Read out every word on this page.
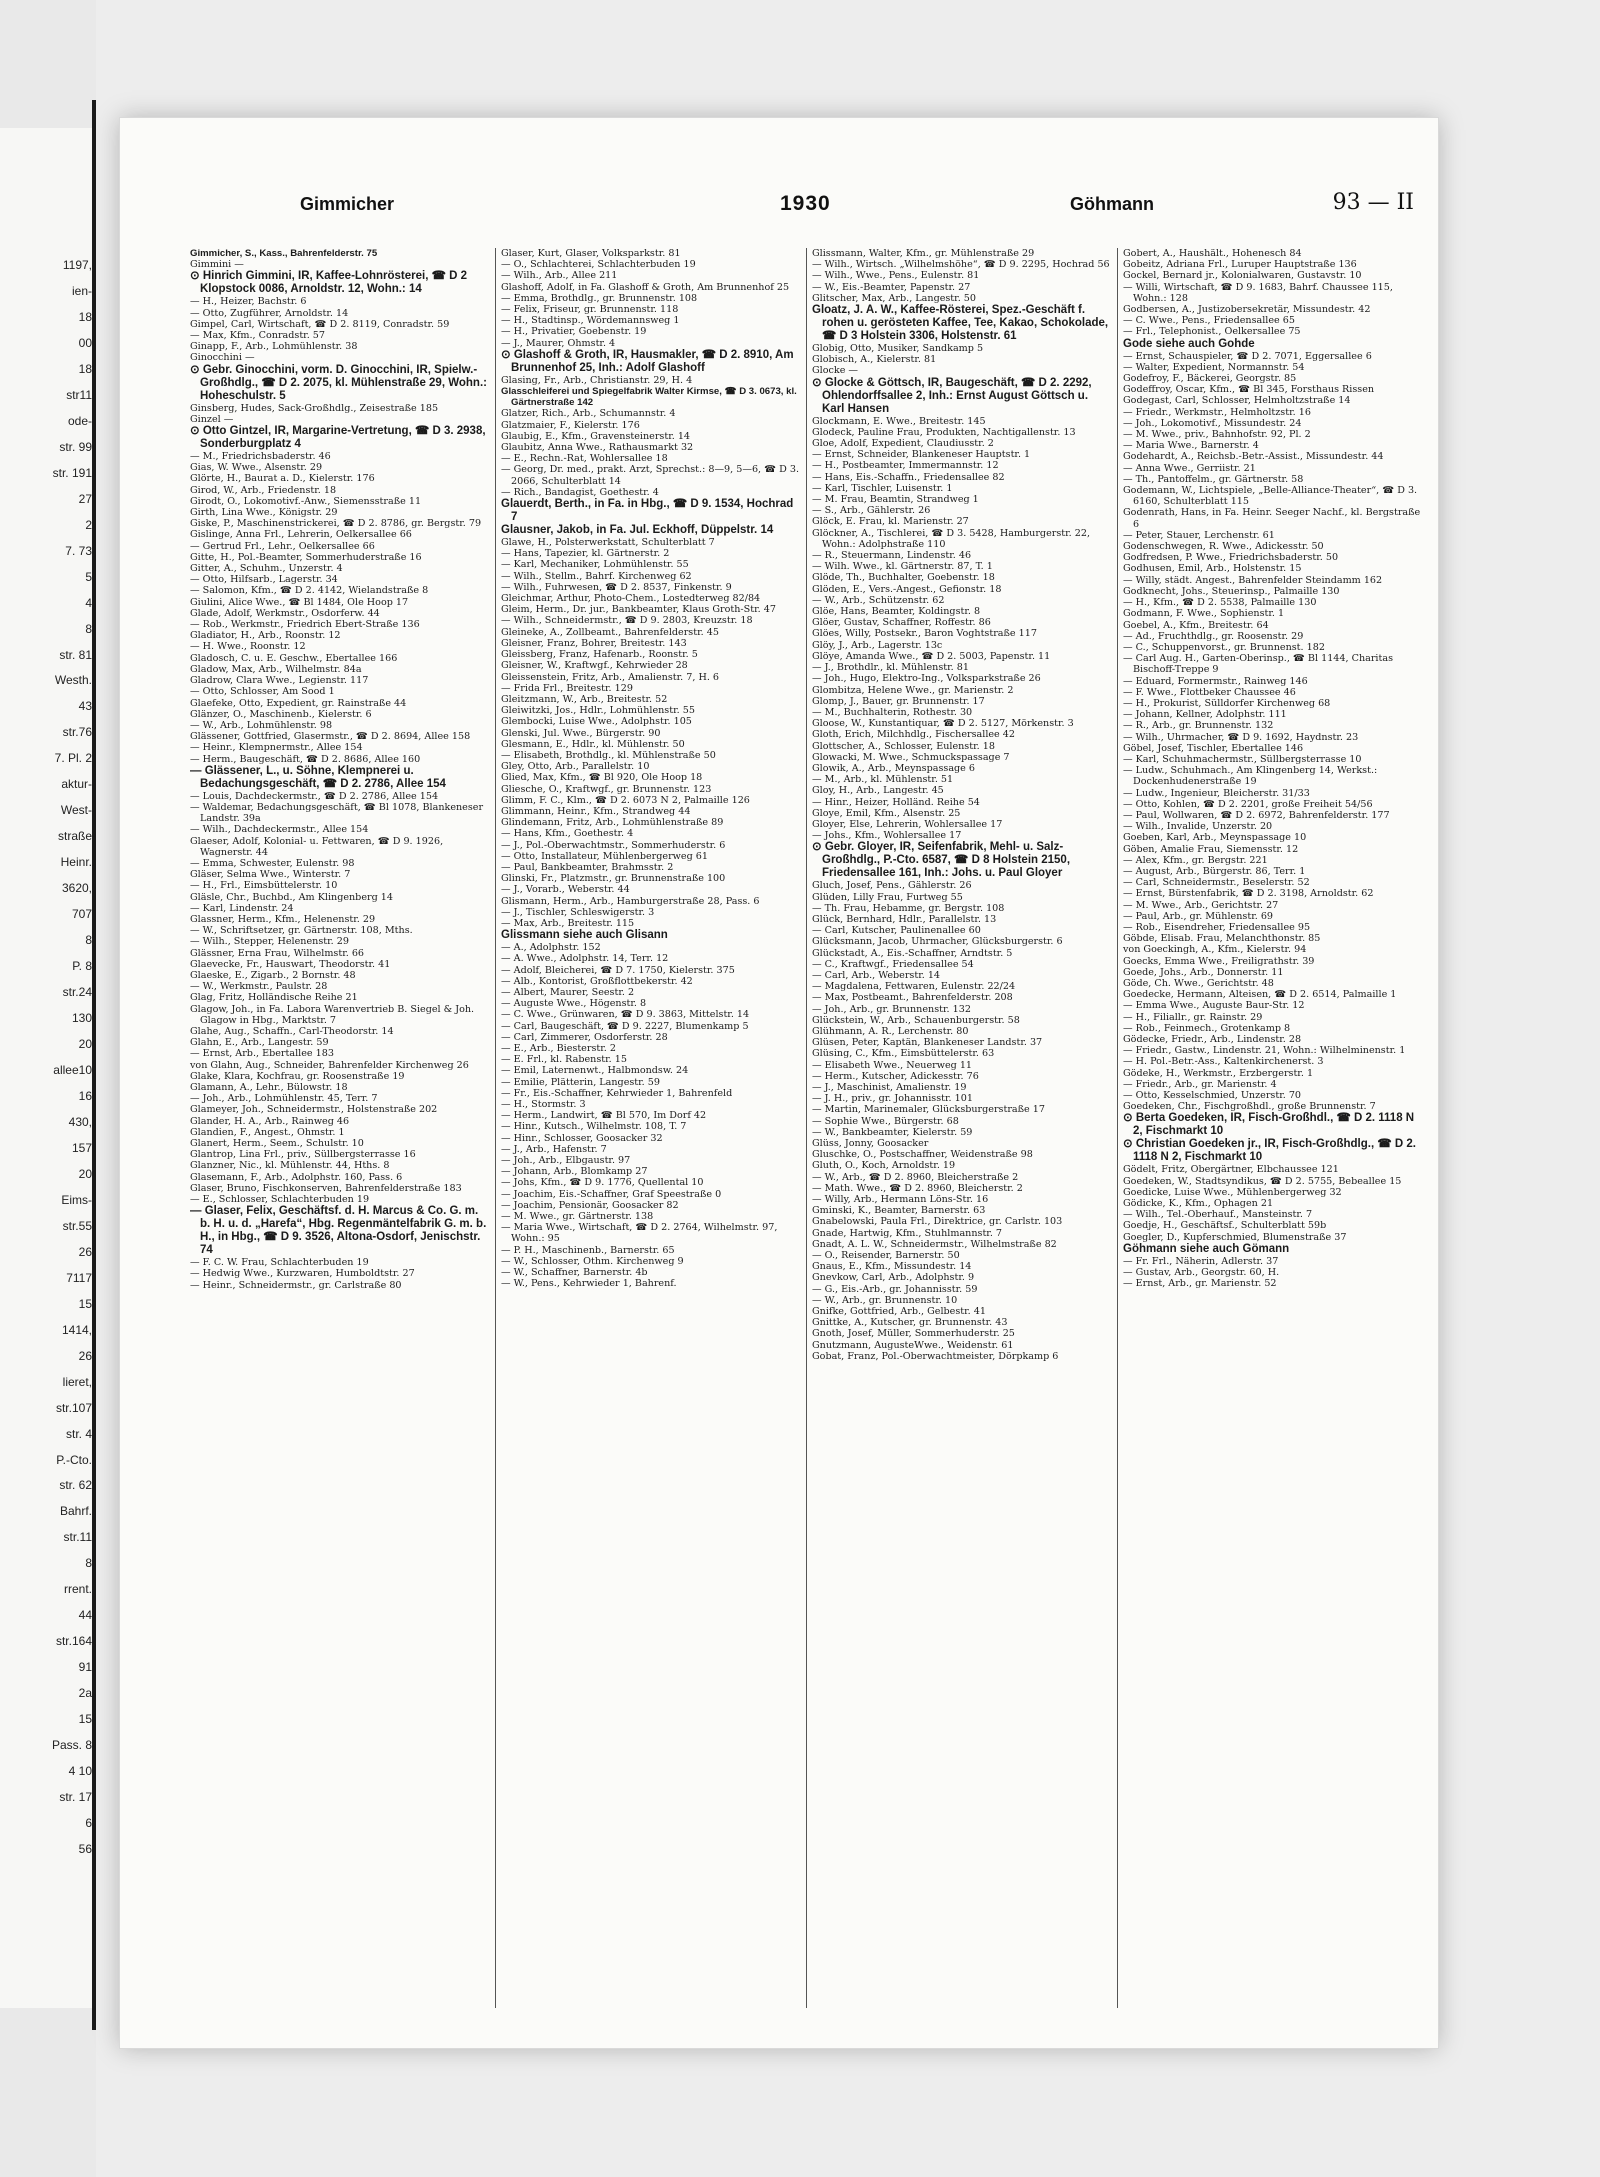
1197,
ien-
18
00
18
str11
ode-
str. 99
str. 191
27
2
7. 73
5
4
8
str. 81
Westh.
43
str.76
7. Pl. 2
aktur-
West-
straße
Heinr.
3620,
707
8
P. 8
str.24
130
20
allee10
16
430,
157
20
Eims-
str.55
26
7117
15
1414,
26
lieret,
str.107
str. 4
P.-Cto.
str. 62
Bahrf.
str.11
8
rrent.
44
str.164
91
2a
15
Pass. 8
4 10
str. 17
6
56
Gimmicher	1930	Göhmann	93 — II
Gimmicher, S., Kass., Bahrenfelderstr. 75
Gimmini —
⊙ Hinrich Gimmini, IR, Kaffee-Lohnrösterei, ☎ D 2 Klopstock 0086, Arnoldstr. 12, Wohn.: 14
— H., Heizer, Bachstr. 6
— Otto, Zugführer, Arnoldstr. 14
Gimpel, Carl, Wirtschaft, ☎ D 2. 8119, Conradstr. 59
— Max, Kfm., Conradstr. 57
Ginapp, F., Arb., Lohmühlenstr. 38
Ginocchini —
⊙ Gebr. Ginocchini, vorm. D. Ginocchini, IR, Spielw.-Großhdlg., ☎ D 2. 2075, kl. Mühlenstraße 29, Wohn.: Hoheschulstr. 5
Ginsberg, Hudes, Sack-Großhdlg., Zeisestraße 185
Ginzel —
⊙ Otto Gintzel, IR, Margarine-Vertretung, ☎ D 3. 2938, Sonderburgplatz 4
— M., Friedrichsbaderstr. 46
Gias, W. Wwe., Alsenstr. 29
Glörte, H., Baurat a. D., Kielerstr. 176
Girod, W., Arb., Friedenstr. 18
Girodt, O., Lokomotivf.-Anw., Siemensstraße 11
Girth, Lina Wwe., Königstr. 29
Giske, P., Maschinenstrickerei, ☎ D 2. 8786, gr. Bergstr. 79
Gislinge, Anna Frl., Lehrerin, Oelkersallee 66
— Gertrud Frl., Lehr., Oelkersallee 66
Gitte, H., Pol.-Beamter, Sommerhuderstraße 16
Gitter, A., Schuhm., Unzerstr. 4
— Otto, Hilfsarb., Lagerstr. 34
— Salomon, Kfm., ☎ D 2. 4142, Wielandstraße 8
Giulini, Alice Wwe., ☎ Bl 1484, Ole Hoop 17
Glade, Adolf, Werkmstr., Osdorferw. 44
— Rob., Werkmstr., Friedrich Ebert-Straße 136
Gladiator, H., Arb., Roonstr. 12
— H. Wwe., Roonstr. 12
Gladosch, C. u. E. Geschw., Ebertallee 166
Gladow, Max, Arb., Wilhelmstr. 84a
Gladrow, Clara Wwe., Legienstr. 117
— Otto, Schlosser, Am Sood 1
Glaefeke, Otto, Expedient, gr. Rainstraße 44
Glänzer, O., Maschinenb., Kielerstr. 6
— W., Arb., Lohmühlenstr. 98
Glässener, Gottfried, Glasermstr., ☎ D 2. 8694, Allee 158
— Heinr., Klempnermstr., Allee 154
— Herm., Baugeschäft, ☎ D 2. 8686, Allee 160
— Glässener, L., u. Söhne, Klempnerei u. Bedachungsgeschäft, ☎ D 2. 2786, Allee 154
— Louis, Dachdeckermstr., ☎ D 2. 2786, Allee 154
— Waldemar, Bedachungsgeschäft, ☎ Bl 1078, Blankeneser Landstr. 39a
— Wilh., Dachdeckermstr., Allee 154
Glaeser, Adolf, Kolonial- u. Fettwaren, ☎ D 9. 1926, Wagnerstr. 44
— Emma, Schwester, Eulenstr. 98
Gläser, Selma Wwe., Winterstr. 7
— H., Frl., Eimsbüttelerstr. 10
Gläsle, Chr., Buchbd., Am Klingenberg 14
— Karl, Lindenstr. 24
Glassner, Herm., Kfm., Helenenstr. 29
— W., Schriftsetzer, gr. Gärtnerstr. 108, Mths.
— Wilh., Stepper, Helenenstr. 29
Glässner, Erna Frau, Wilhelmstr. 66
Glaevecke, Fr., Hauswart, Theodorstr. 41
Glaeske, E., Zigarb., 2 Bornstr. 48
— W., Werkmstr., Paulstr. 28
Glag, Fritz, Holländische Reihe 21
Glagow, Joh., in Fa. Labora Warenvertrieb B. Siegel & Joh. Glagow in Hbg., Marktstr. 7
Glahe, Aug., Schaffn., Carl-Theodorstr. 14
Glahn, E., Arb., Langestr. 59
— Ernst, Arb., Ebertallee 183
von Glahn, Aug., Schneider, Bahrenfelder Kirchenweg 26
Glake, Klara, Kochfrau, gr. Roosenstraße 19
Glamann, A., Lehr., Bülowstr. 18
— Joh., Arb., Lohmühlenstr. 45, Terr. 7
Glameyer, Joh., Schneidermstr., Holstenstraße 202
Glander, H. A., Arb., Rainweg 46
Glandien, F., Angest., Ohmstr. 1
Glanert, Herm., Seem., Schulstr. 10
Glantrop, Lina Frl., priv., Süllbergsterrasse 16
Glanzner, Nic., kl. Mühlenstr. 44, Hths. 8
Glasemann, F., Arb., Adolphstr. 160, Pass. 6
Glaser, Bruno, Fischkonserven, Bahrenfelderstraße 183
— E., Schlosser, Schlachterbuden 19
— Glaser, Felix, Geschäftsf. d. H. Marcus & Co. G. m. b. H. u. d. „Harefa“, Hbg. Regenmäntelfabrik G. m. b. H., in Hbg., ☎ D 9. 3526, Altona-Osdorf, Jenischstr. 74
— F. C. W. Frau, Schlachterbuden 19
— Hedwig Wwe., Kurzwaren, Humboldtstr. 27
— Heinr., Schneidermstr., gr. Carlstraße 80
Glaser, Kurt, Glaser, Volksparkstr. 81
— O., Schlachterei, Schlachterbuden 19
— Wilh., Arb., Allee 211
Glashoff, Adolf, in Fa. Glashoff & Groth, Am Brunnenhof 25
— Emma, Brothdlg., gr. Brunnenstr. 108
— Felix, Friseur, gr. Brunnenstr. 118
— H., Stadtinsp., Wördemannsweg 1
— H., Privatier, Goebenstr. 19
— J., Maurer, Ohmstr. 4
⊙ Glashoff & Groth, IR, Hausmakler, ☎ D 2. 8910, Am Brunnenhof 25, Inh.: Adolf Glashoff
Glasing, Fr., Arb., Christianstr. 29, H. 4
Glasschleiferei und Spiegelfabrik Walter Kirmse, ☎ D 3. 0673, kl. Gärtnerstraße 142
Glatzer, Rich., Arb., Schumannstr. 4
Glatzmaier, F., Kielerstr. 176
Glaubig, E., Kfm., Gravensteinerstr. 14
Glaubitz, Anna Wwe., Rathausmarkt 32
— E., Rechn.-Rat, Wohlersallee 18
— Georg, Dr. med., prakt. Arzt, Sprechst.: 8—9, 5—6, ☎ D 3. 2066, Schulterblatt 14
— Rich., Bandagist, Goethestr. 4
Glauerdt, Berth., in Fa. in Hbg., ☎ D 9. 1534, Hochrad 7
Glausner, Jakob, in Fa. Jul. Eckhoff, Düppelstr. 14
Glawe, H., Polsterwerkstatt, Schulterblatt 7
— Hans, Tapezier, kl. Gärtnerstr. 2
— Karl, Mechaniker, Lohmühlenstr. 55
— Wilh., Stellm., Bahrf. Kirchenweg 62
— Wilh., Fuhrwesen, ☎ D 2. 8537, Finkenstr. 9
Gleichmar, Arthur, Photo-Chem., Lostedterweg 82/84
Gleim, Herm., Dr. jur., Bankbeamter, Klaus Groth-Str. 47
— Wilh., Schneidermstr., ☎ D 9. 2803, Kreuzstr. 18
Gleineke, A., Zollbeamt., Bahrenfelderstr. 45
Gleisner, Franz, Bohrer, Breitestr. 143
Gleissberg, Franz, Hafenarb., Roonstr. 5
Gleisner, W., Kraftwgf., Kehrwieder 28
Gleissenstein, Fritz, Arb., Amalienstr. 7, H. 6
— Frida Frl., Breitestr. 129
Gleitzmann, W., Arb., Breitestr. 52
Gleiwitzki, Jos., Hdlr., Lohmühlenstr. 55
Glembocki, Luise Wwe., Adolphstr. 105
Glenski, Jul. Wwe., Bürgerstr. 90
Glesmann, E., Hdlr., kl. Mühlenstr. 50
— Elisabeth, Brothdlg., kl. Mühlenstraße 50
Gley, Otto, Arb., Parallelstr. 10
Glied, Max, Kfm., ☎ Bl 920, Ole Hoop 18
Gliesche, O., Kraftwgf., gr. Brunnenstr. 123
Glimm, F. C., Klm., ☎ D 2. 6073 N 2, Palmaille 126
Glimmann, Heinr., Kfm., Strandweg 44
Glindemann, Fritz, Arb., Lohmühlenstraße 89
— Hans, Kfm., Goethestr. 4
— J., Pol.-Oberwachtmstr., Sommerhuderstr. 6
— Otto, Installateur, Mühlenbergerweg 61
— Paul, Bankbeamter, Brahmsstr. 2
Glinski, Fr., Platzmstr., gr. Brunnenstraße 100
— J., Vorarb., Weberstr. 44
Glismann, Herm., Arb., Hamburgerstraße 28, Pass. 6
— J., Tischler, Schleswigerstr. 3
— Max, Arb., Breitestr. 115
Glissmann siehe auch Glisann
— A., Adolphstr. 152
— A. Wwe., Adolphstr. 14, Terr. 12
— Adolf, Bleicherei, ☎ D 7. 1750, Kielerstr. 375
— Alb., Kontorist, Großflottbekerstr. 42
— Albert, Maurer, Seestr. 2
— Auguste Wwe., Högenstr. 8
— C. Wwe., Grünwaren, ☎ D 9. 3863, Mittelstr. 14
— Carl, Baugeschäft, ☎ D 9. 2227, Blumenkamp 5
— Carl, Zimmerer, Osdorferstr. 28
— E., Arb., Biesterstr. 2
— E. Frl., kl. Rabenstr. 15
— Emil, Laternenwt., Halbmondsw. 24
— Emilie, Plätterin, Langestr. 59
— Fr., Eis.-Schaffner, Kehrwieder 1, Bahrenfeld
— H., Stormstr. 3
— Herm., Landwirt, ☎ Bl 570, Im Dorf 42
— Hinr., Kutsch., Wilhelmstr. 108, T. 7
— Hinr., Schlosser, Goosacker 32
— J., Arb., Hafenstr. 7
— Joh., Arb., Elbgaustr. 97
— Johann, Arb., Blomkamp 27
— Johs, Kfm., ☎ D 9. 1776, Quellental 10
— Joachim, Eis.-Schaffner, Graf Speestraße 0
— Joachim, Pensionär, Goosacker 82
— M. Wwe., gr. Gärtnerstr. 138
— Maria Wwe., Wirtschaft, ☎ D 2. 2764, Wilhelmstr. 97, Wohn.: 95
— P. H., Maschinenb., Barnerstr. 65
— W., Schlosser, Othm. Kirchenweg 9
— W., Schaffner, Barnerstr. 4b
— W., Pens., Kehrwieder 1, Bahrenf.
Glissmann, Walter, Kfm., gr. Mühlenstraße 29
— Wilh., Wirtsch. „Wilhelmshöhe“, ☎ D 9. 2295, Hochrad 56
— Wilh., Wwe., Pens., Eulenstr. 81
— W., Eis.-Beamter, Papenstr. 27
Glitscher, Max, Arb., Langestr. 50
Gloatz, J. A. W., Kaffee-Rösterei, Spez.-Geschäft f. rohen u. gerösteten Kaffee, Tee, Kakao, Schokolade, ☎ D 3 Holstein 3306, Holstenstr. 61
Globig, Otto, Musiker, Sandkamp 5
Globisch, A., Kielerstr. 81
Glocke —
⊙ Glocke & Göttsch, IR, Baugeschäft, ☎ D 2. 2292, Ohlendorffsallee 2, Inh.: Ernst August Göttsch u. Karl Hansen
Glockmann, E. Wwe., Breitestr. 145
Glodeck, Pauline Frau, Produkten, Nachtigallenstr. 13
Gloe, Adolf, Expedient, Claudiusstr. 2
— Ernst, Schneider, Blankeneser Hauptstr. 1
— H., Postbeamter, Immermannstr. 12
— Hans, Eis.-Schaffn., Friedensallee 82
— Karl, Tischler, Luisenstr. 1
— M. Frau, Beamtin, Strandweg 1
— S., Arb., Gählerstr. 26
Glöck, E. Frau, kl. Marienstr. 27
Glöckner, A., Tischlerei, ☎ D 3. 5428, Hamburgerstr. 22, Wohn.: Adolphstraße 110
— R., Steuermann, Lindenstr. 46
— Wilh. Wwe., kl. Gärtnerstr. 87, T. 1
Glöde, Th., Buchhalter, Goebenstr. 18
Glöden, E., Vers.-Angest., Gefionstr. 18
— W., Arb., Schützenstr. 62
Glöe, Hans, Beamter, Koldingstr. 8
Glöer, Gustav, Schaffner, Roffestr. 86
Glöes, Willy, Postsekr., Baron Voghtstraße 117
Glöy, J., Arb., Lagerstr. 13c
Glöye, Amanda Wwe., ☎ D 2. 5003, Papenstr. 11
— J., Brothdlr., kl. Mühlenstr. 81
— Joh., Hugo, Elektro-Ing., Volksparkstraße 26
Glombitza, Helene Wwe., gr. Marienstr. 2
Glomp, J., Bauer, gr. Brunnenstr. 17
— M., Buchhalterin, Rothestr. 30
Gloose, W., Kunstantiquar, ☎ D 2. 5127, Mörkenstr. 3
Gloth, Erich, Milchhdlg., Fischersallee 42
Glottscher, A., Schlosser, Eulenstr. 18
Glowacki, M. Wwe., Schmuckspassage 7
Glowik, A., Arb., Meynspassage 6
— M., Arb., kl. Mühlenstr. 51
Gloy, H., Arb., Langestr. 45
— Hinr., Heizer, Holländ. Reihe 54
Gloye, Emil, Kfm., Alsenstr. 25
Gloyer, Else, Lehrerin, Wohlersallee 17
— Johs., Kfm., Wohlersallee 17
⊙ Gebr. Gloyer, IR, Seifenfabrik, Mehl- u. Salz-Großhdlg., P.-Cto. 6587, ☎ D 8 Holstein 2150, Friedensallee 161, Inh.: Johs. u. Paul Gloyer
Gluch, Josef, Pens., Gählerstr. 26
Glüden, Lilly Frau, Furtweg 55
— Th. Frau, Hebamme, gr. Bergstr. 108
Glück, Bernhard, Hdlr., Parallelstr. 13
— Carl, Kutscher, Paulinenallee 60
Glücksmann, Jacob, Uhrmacher, Glücksburgerstr. 6
Glückstadt, A., Eis.-Schaffner, Arndtstr. 5
— C., Kraftwgf., Friedensallee 54
— Carl, Arb., Weberstr. 14
— Magdalena, Fettwaren, Eulenstr. 22/24
— Max, Postbeamt., Bahrenfelderstr. 208
— Joh., Arb., gr. Brunnenstr. 132
Glückstein, W., Arb., Schauenburgerstr. 58
Glühmann, A. R., Lerchenstr. 80
Glüsen, Peter, Kaptän, Blankeneser Landstr. 37
Glüsing, C., Kfm., Eimsbüttelerstr. 63
— Elisabeth Wwe., Neuerweg 11
— Herm., Kutscher, Adickesstr. 76
— J., Maschinist, Amalienstr. 19
— J. H., priv., gr. Johannisstr. 101
— Martin, Marinemaler, Glücksburgerstraße 17
— Sophie Wwe., Bürgerstr. 68
— W., Bankbeamter, Kielerstr. 59
Glüss, Jonny, Goosacker
Gluschke, O., Postschaffner, Weidenstraße 98
Gluth, O., Koch, Arnoldstr. 19
— W., Arb., ☎ D 2. 8960, Bleicherstraße 2
— Math. Wwe., ☎ D 2. 8960, Bleicherstr. 2
— Willy, Arb., Hermann Löns-Str. 16
Gminski, K., Beamter, Barnerstr. 63
Gnabelowski, Paula Frl., Direktrice, gr. Carlstr. 103
Gnade, Hartwig, Kfm., Stuhlmannstr. 7
Gnadt, A. L. W., Schneidermstr., Wilhelmstraße 82
— O., Reisender, Barnerstr. 50
Gnaus, E., Kfm., Missundestr. 14
Gnevkow, Carl, Arb., Adolphstr. 9
— G., Eis.-Arb., gr. Johannisstr. 59
— W., Arb., gr. Brunnenstr. 10
Gnifke, Gottfried, Arb., Gelbestr. 41
Gnittke, A., Kutscher, gr. Brunnenstr. 43
Gnoth, Josef, Müller, Sommerhuderstr. 25
Gnutzmann, AugusteWwe., Weidenstr. 61
Gobat, Franz, Pol.-Oberwachtmeister, Dörpkamp 6
Gobert, A., Haushält., Hohenesch 84
Gobeitz, Adriana Frl., Luruper Hauptstraße 136
Gockel, Bernard jr., Kolonialwaren, Gustavstr. 10
— Willi, Wirtschaft, ☎ D 9. 1683, Bahrf. Chaussee 115, Wohn.: 128
Godbersen, A., Justizobersekretär, Missundestr. 42
— C. Wwe., Pens., Friedensallee 65
— Frl., Telephonist., Oelkersallee 75
Gode siehe auch Gohde
— Ernst, Schauspieler, ☎ D 2. 7071, Eggersallee 6
— Walter, Expedient, Normannstr. 54
Godefroy, F., Bäckerei, Georgstr. 85
Godeffroy, Oscar, Kfm., ☎ Bl 345, Forsthaus Rissen
Godegast, Carl, Schlosser, Helmholtzstraße 14
— Friedr., Werkmstr., Helmholtzstr. 16
— Joh., Lokomotivf., Missundestr. 24
— M. Wwe., priv., Bahnhofstr. 92, Pl. 2
— Maria Wwe., Barnerstr. 4
Godehardt, A., Reichsb.-Betr.-Assist., Missundestr. 44
— Anna Wwe., Gerriistr. 21
— Th., Pantoffelm., gr. Gärtnerstr. 58
Godemann, W., Lichtspiele, „Belle-Alliance-Theater“, ☎ D 3. 6160, Schulterblatt 115
Godenrath, Hans, in Fa. Heinr. Seeger Nachf., kl. Bergstraße 6
— Peter, Stauer, Lerchenstr. 61
Godenschwegen, R. Wwe., Adickesstr. 50
Godfredsen, P. Wwe., Friedrichsbaderstr. 50
Godhusen, Emil, Arb., Holstenstr. 15
— Willy, städt. Angest., Bahrenfelder Steindamm 162
Godknecht, Johs., Steuerinsp., Palmaille 130
— H., Kfm., ☎ D 2. 5538, Palmaille 130
Godmann, F. Wwe., Sophienstr. 1
Goebel, A., Kfm., Breitestr. 64
— Ad., Fruchthdlg., gr. Roosenstr. 29
— C., Schuppenvorst., gr. Brunnenst. 182
— Carl Aug. H., Garten-Oberinsp., ☎ Bl 1144, Charitas Bischoff-Treppe 9
— Eduard, Formermstr., Rainweg 146
— F. Wwe., Flottbeker Chaussee 46
— H., Prokurist, Sülldorfer Kirchenweg 68
— Johann, Kellner, Adolphstr. 111
— R., Arb., gr. Brunnenstr. 132
— Wilh., Uhrmacher, ☎ D 9. 1692, Haydnstr. 23
Göbel, Josef, Tischler, Ebertallee 146
— Karl, Schuhmachermstr., Süllbergsterrasse 10
— Ludw., Schuhmach., Am Klingenberg 14, Werkst.: Dockenhudenerstraße 19
— Ludw., Ingenieur, Bleicherstr. 31/33
— Otto, Kohlen, ☎ D 2. 2201, große Freiheit 54/56
— Paul, Wollwaren, ☎ D 2. 6972, Bahrenfelderstr. 177
— Wilh., Invalide, Unzerstr. 20
Goeben, Karl, Arb., Meynspassage 10
Göben, Amalie Frau, Siemensstr. 12
— Alex, Kfm., gr. Bergstr. 221
— August, Arb., Bürgerstr. 86, Terr. 1
— Carl, Schneidermstr., Beselerstr. 52
— Ernst, Bürstenfabrik, ☎ D 2. 3198, Arnoldstr. 62
— M. Wwe., Arb., Gerichtstr. 27
— Paul, Arb., gr. Mühlenstr. 69
— Rob., Eisendreher, Friedensallee 95
Göbde, Elisab. Frau, Melanchthonstr. 85
von Goeckingh, A., Kfm., Kielerstr. 94
Goecks, Emma Wwe., Freiligrathstr. 39
Goede, Johs., Arb., Donnerstr. 11
Göde, Ch. Wwe., Gerichtstr. 48
Goedecke, Hermann, Alteisen, ☎ D 2. 6514, Palmaille 1
— Emma Wwe., Auguste Baur-Str. 12
— H., Filiallr., gr. Rainstr. 29
— Rob., Feinmech., Grotenkamp 8
Gödecke, Friedr., Arb., Lindenstr. 28
— Friedr., Gastw., Lindenstr. 21, Wohn.: Wilhelminenstr. 1
— H. Pol.-Betr.-Ass., Kaltenkirchenerst. 3
Gödeke, H., Werkmstr., Erzbergerstr. 1
— Friedr., Arb., gr. Marienstr. 4
— Otto, Kesselschmied, Unzerstr. 70
Goedeken, Chr., Fischgroßhdl., große Brunnenstr. 7
⊙ Berta Goedeken, IR, Fisch-Großhdl., ☎ D 2. 1118 N 2, Fischmarkt 10
⊙ Christian Goedeken jr., IR, Fisch-Großhdlg., ☎ D 2. 1118 N 2, Fischmarkt 10
Gödelt, Fritz, Obergärtner, Elbchaussee 121
Goedeken, W., Stadtsyndikus, ☎ D 2. 5755, Bebeallee 15
Goedicke, Luise Wwe., Mühlenbergerweg 32
Gödicke, K., Kfm., Ophagen 21
— Wilh., Tel.-Oberhauf., Mansteinstr. 7
Goedje, H., Geschäftsf., Schulterblatt 59b
Goegler, D., Kupferschmied, Blumenstraße 37
Göhmann siehe auch Gömann
— Fr. Frl., Näherin, Adlerstr. 37
— Gustav, Arb., Georgstr. 60, H.
— Ernst, Arb., gr. Marienstr. 52
